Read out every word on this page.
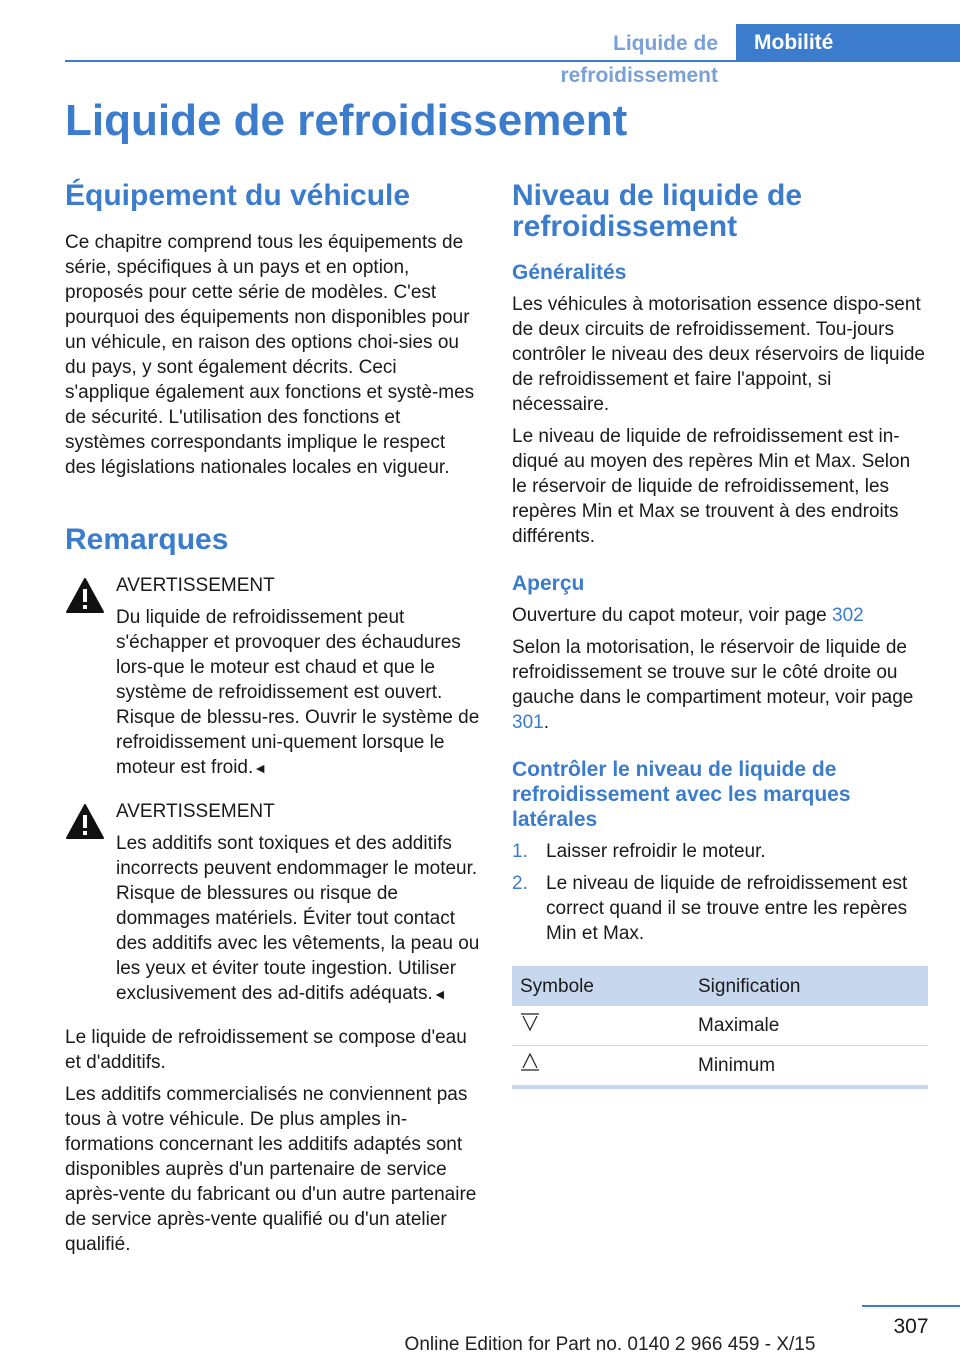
Liquide de refroidissement
Mobilité
Liquide de refroidissement
Équipement du véhicule

Ce chapitre comprend tous les équipements de série, spécifiques à un pays et en option, proposés pour cette série de modèles. C'est pourquoi des équipements non disponibles pour un véhicule, en raison des options choi‐sies ou du pays, y sont également décrits. Ceci s'applique également aux fonctions et systè‐mes de sécurité. L'utilisation des fonctions et systèmes correspondants implique le respect des législations nationales locales en vigueur.

Remarques

AVERTISSEMENT

Du liquide de refroidissement peut s'échapper et provoquer des échaudures lors‐que le moteur est chaud et que le système de refroidissement est ouvert. Risque de blessu‐res. Ouvrir le système de refroidissement uni‐quement lorsque le moteur est froid.◄

AVERTISSEMENT

Les additifs sont toxiques et des additifs incorrects peuvent endommager le moteur. Risque de blessures ou risque de dommages matériels. Éviter tout contact des additifs avec les vêtements, la peau ou les yeux et éviter toute ingestion. Utiliser exclusivement des ad‐ditifs adéquats.◄

Le liquide de refroidissement se compose d'eau et d'additifs.

Les additifs commercialisés ne conviennent pas tous à votre véhicule. De plus amples in‐formations concernant les additifs adaptés sont disponibles auprès d'un partenaire de service après-vente du fabricant ou d'un autre partenaire de service après-vente qualifié ou d'un atelier qualifié.

Niveau de liquide de refroidissement
Généralités

Les véhicules à motorisation essence dispo‐sent de deux circuits de refroidissement. Tou‐jours contrôler le niveau des deux réservoirs de liquide de refroidissement et faire l'appoint, si nécessaire.

Le niveau de liquide de refroidissement est in‐diqué au moyen des repères Min et Max. Selon le réservoir de liquide de refroidissement, les repères Min et Max se trouvent à des endroits différents.

Aperçu

Ouverture du capot moteur, voir page 302

Selon la motorisation, le réservoir de liquide de refroidissement se trouve sur le côté droite ou gauche dans le compartiment moteur, voir page 301.

Contrôler le niveau de liquide de refroidissement avec les marques latérales
1. Laisser refroidir le moteur.
2. Le niveau de liquide de refroidissement est correct quand il se trouve entre les repères Min et Max.
Symbole	Signification
	Maximale
	Minimum
307
Online Edition for Part no. 0140 2 966 459 - X/15
